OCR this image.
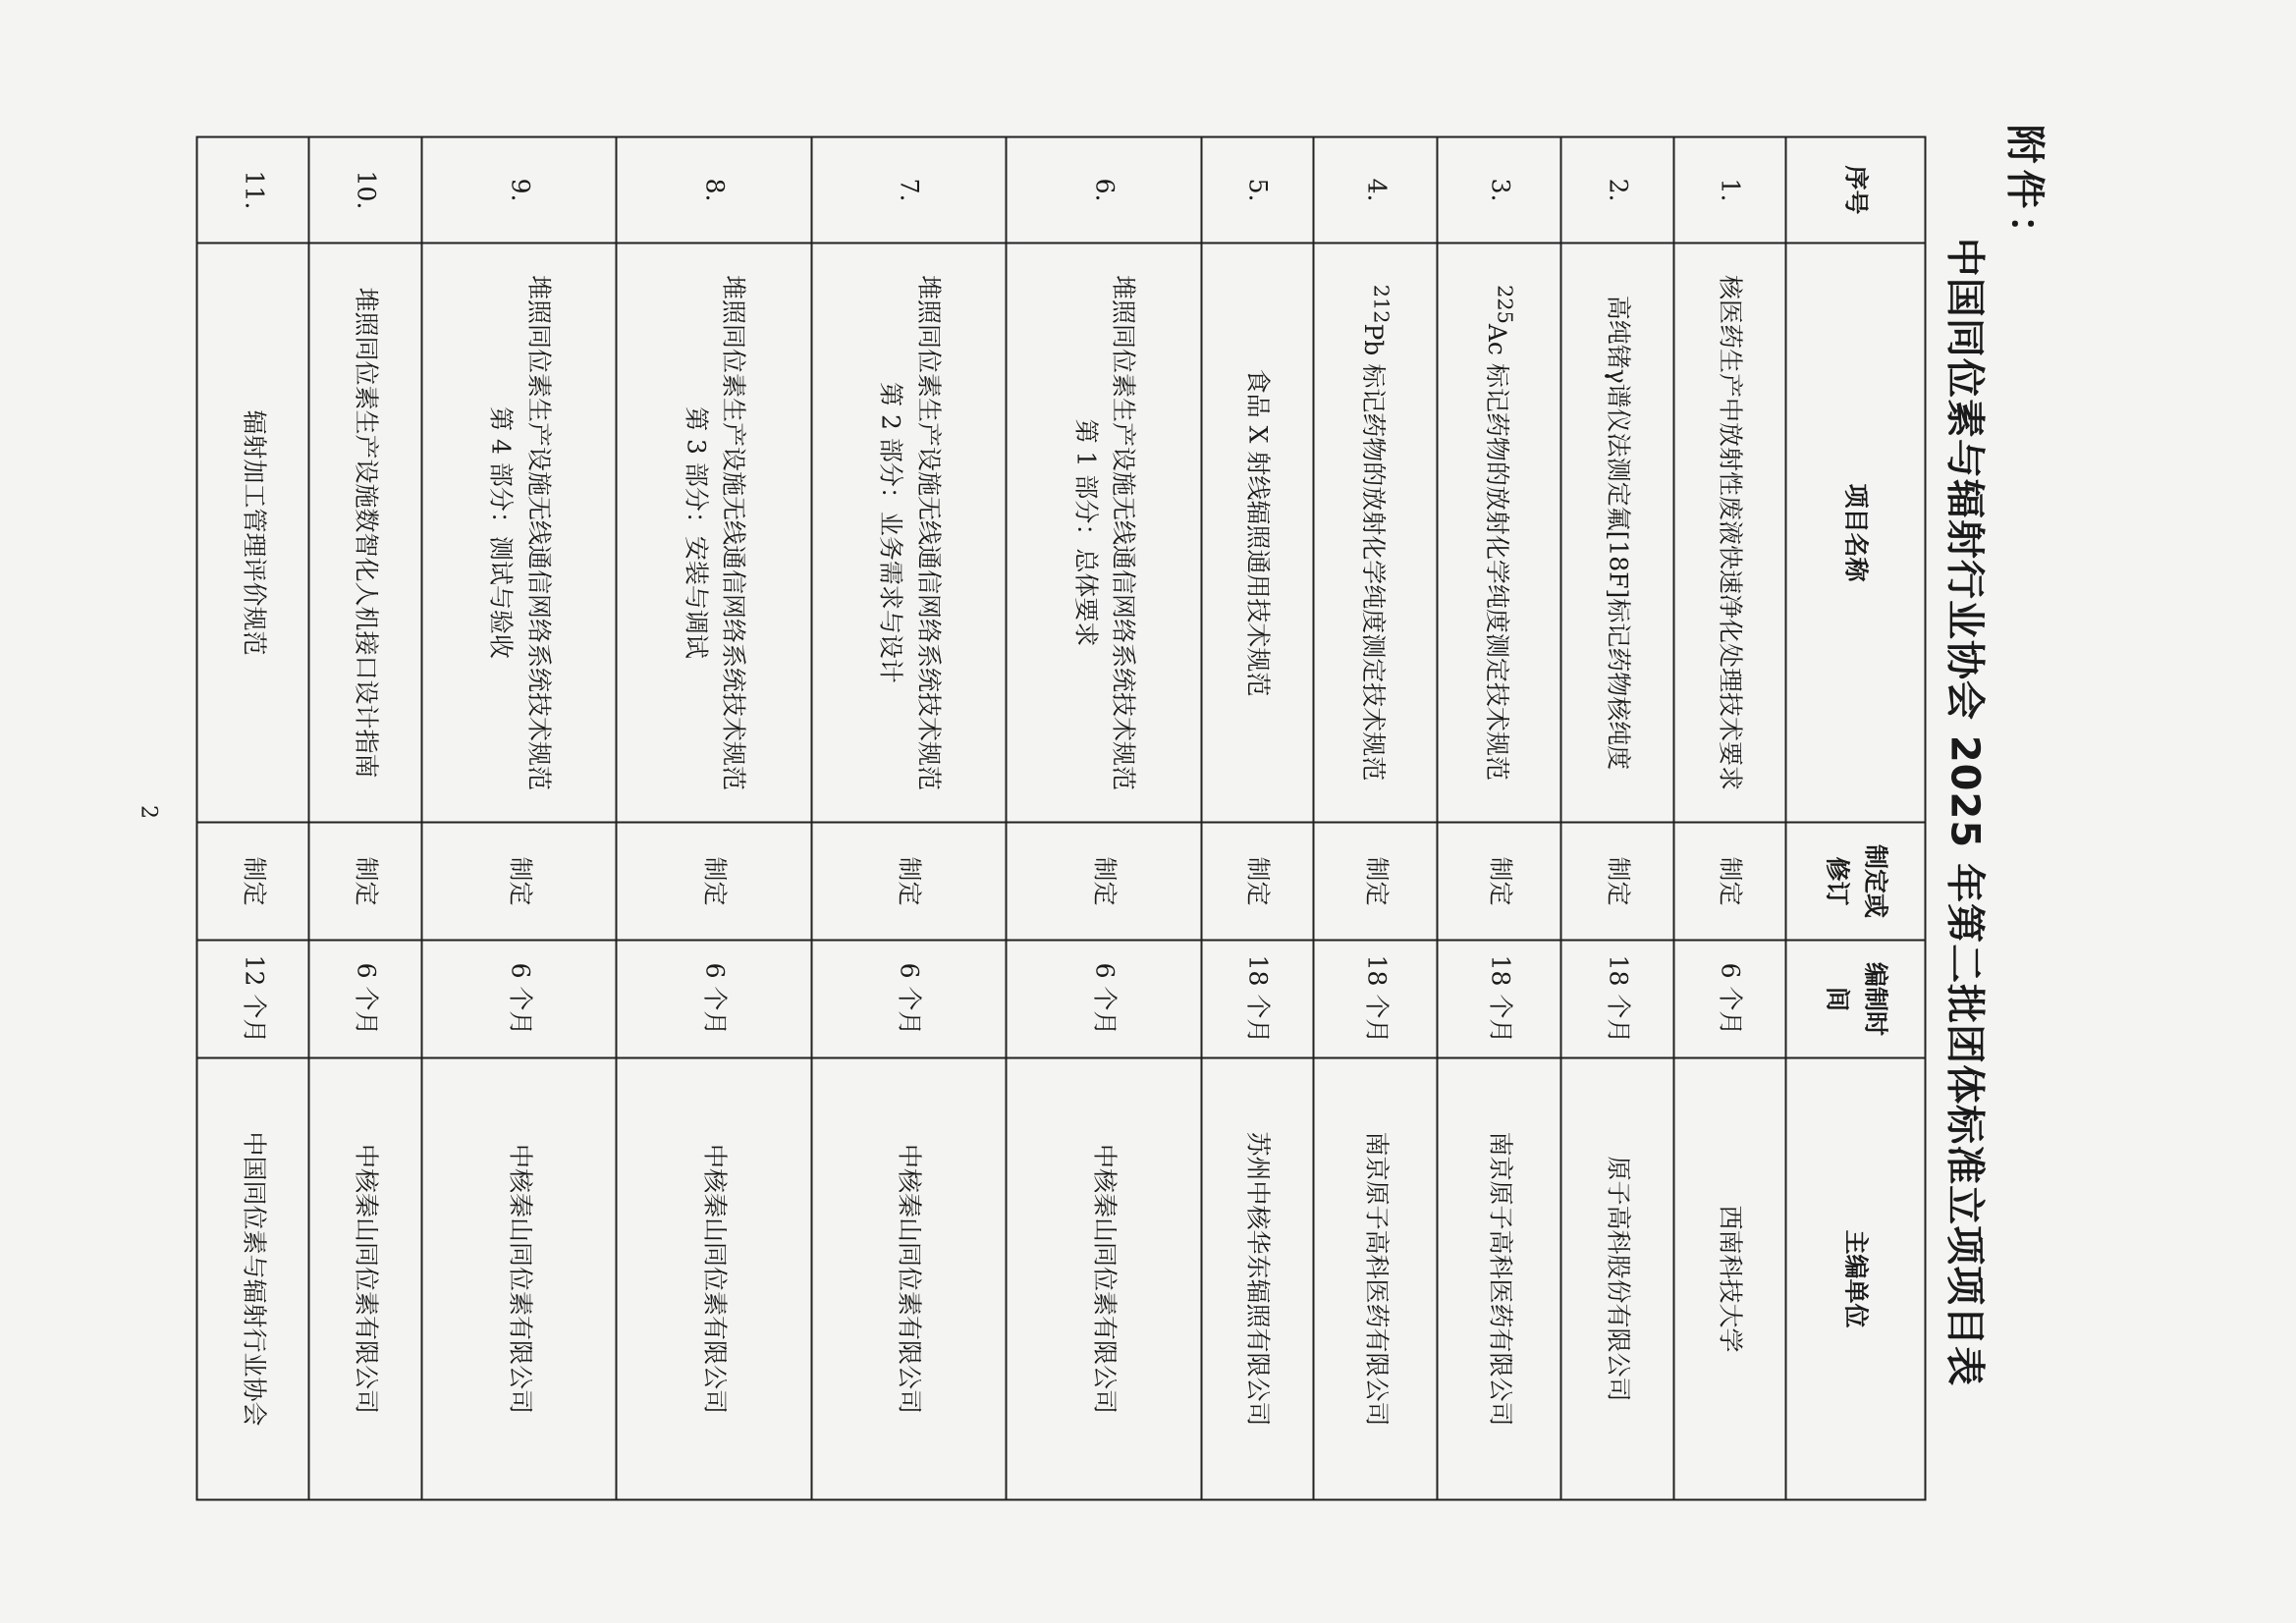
附件：
中国同位素与辐射行业协会 2025 年第二批团体标准立项项目表
序号	项目名称	制定或修订	编制时间	主编单位
1.	核医药生产中放射性废液快速净化处理技术要求	制定	6 个月	西南科技大学
2.	高纯锗γ谱仪法测定氟[18F]标记药物核纯度	制定	18 个月	原子高科股份有限公司
3.	$^{225}$Ac 标记药物的放射化学纯度测定技术规范	制定	18 个月	南京原子高科医药有限公司
4.	$^{212}$Pb 标记药物的放射化学纯度测定技术规范	制定	18 个月	南京原子高科医药有限公司
5.	食品 X 射线辐照通用技术规范	制定	18 个月	苏州中核华东辐照有限公司
6.	堆照同位素生产设施无线通信网络系统技术规范 第 1 部分：总体要求	制定	6 个月	中核秦山同位素有限公司
7.	堆照同位素生产设施无线通信网络系统技术规范 第 2 部分：业务需求与设计	制定	6 个月	中核秦山同位素有限公司
8.	堆照同位素生产设施无线通信网络系统技术规范 第 3 部分：安装与调试	制定	6 个月	中核秦山同位素有限公司
9.	堆照同位素生产设施无线通信网络系统技术规范 第 4 部分：测试与验收	制定	6 个月	中核秦山同位素有限公司
10.	堆照同位素生产设施数智化人机接口设计指南	制定	6 个月	中核秦山同位素有限公司
11.	辐射加工管理评价规范	制定	12 个月	中国同位素与辐射行业协会
2
